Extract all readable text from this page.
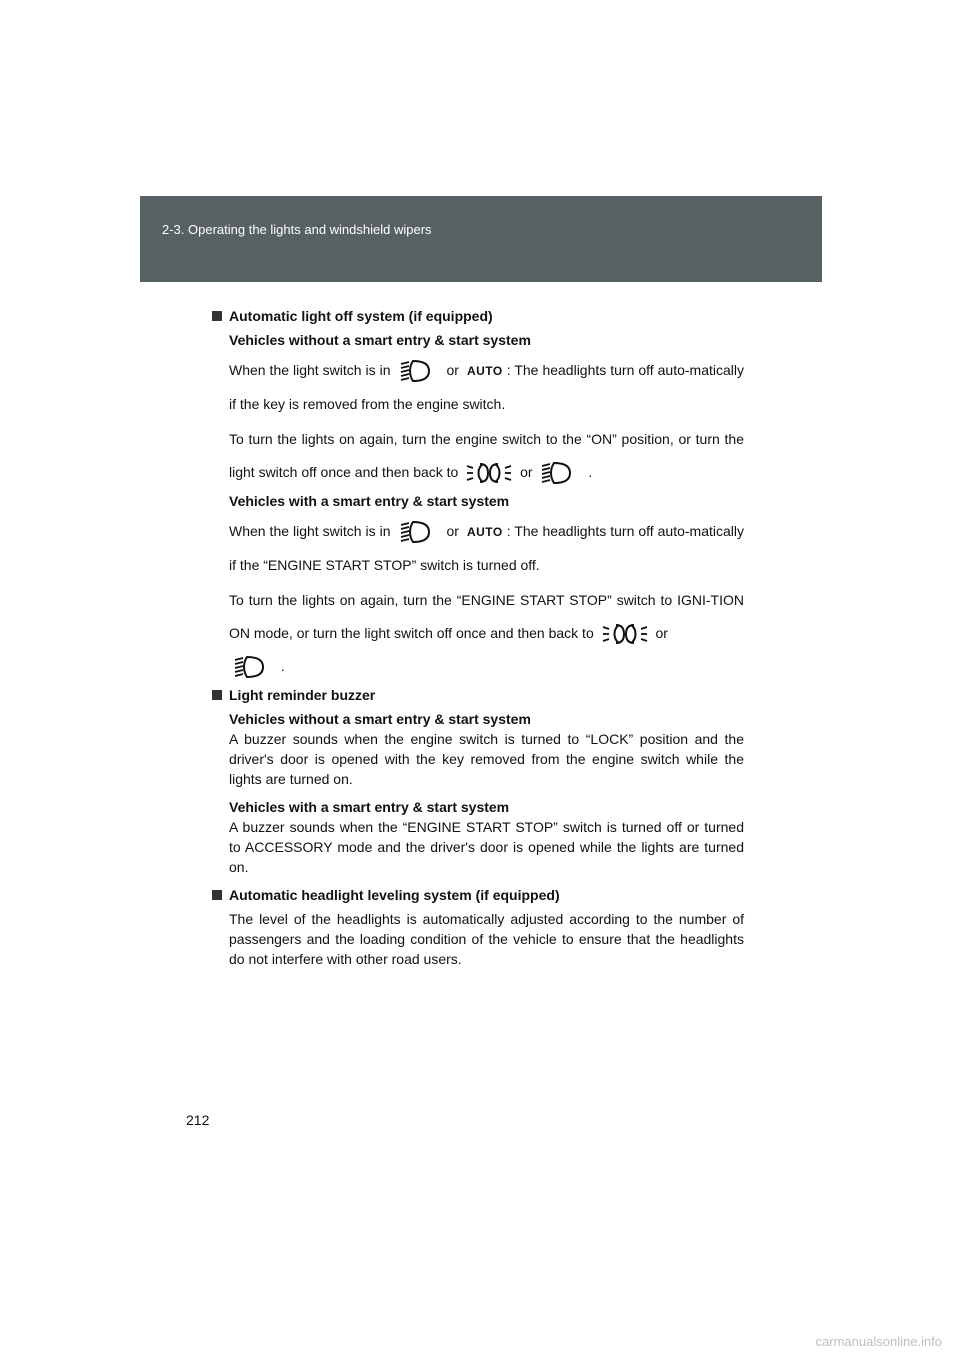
2-3. Operating the lights and windshield wipers
Automatic light off system (if equipped)
Vehicles without a smart entry & start system

When the light switch is in	or AUTO : The headlights turn off auto-matically if the key is removed from the engine switch.

To turn the lights on again, turn the engine switch to the “ON” position, or turn the light switch off once and then back to	or	.

Vehicles with a smart entry & start system

When the light switch is in	or AUTO : The headlights turn off auto-matically if the “ENGINE START STOP” switch is turned off.

To turn the lights on again, turn the “ENGINE START STOP” switch to IGNI-TION ON mode, or turn the light switch off once and then back to	or
.

Light reminder buzzer
Vehicles without a smart entry & start system

A buzzer sounds when the engine switch is turned to “LOCK” position and the driver's door is opened with the key removed from the engine switch while the lights are turned on.

Vehicles with a smart entry & start system

A buzzer sounds when the “ENGINE START STOP” switch is turned off or turned to ACCESSORY mode and the driver's door is opened while the lights are turned on.

Automatic headlight leveling system (if equipped)

The level of the headlights is automatically adjusted according to the number of passengers and the loading condition of the vehicle to ensure that the headlights do not interfere with other road users.

212
carmanualsonline.info
